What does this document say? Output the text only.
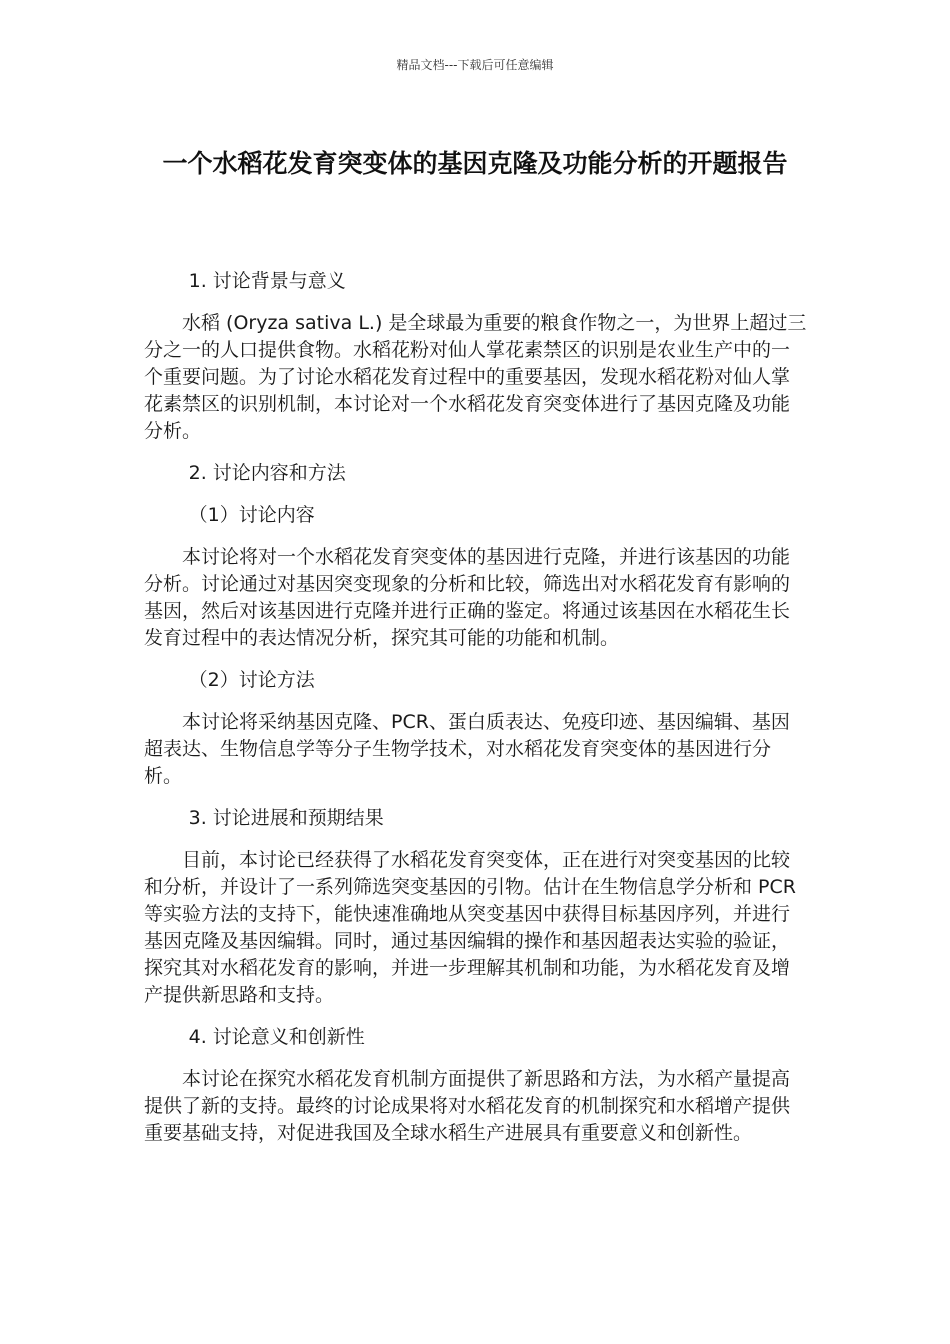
精品文档---下载后可任意编辑
一个水稻花发育突变体的基因克隆及功能分析的开题报告

1. 讨论背景与意义

水稻 (Oryza sativa L.) 是全球最为重要的粮食作物之一，为世界上超过三分之一的人口提供食物。水稻花粉对仙人掌花素禁区的识别是农业生产中的一个重要问题。为了讨论水稻花发育过程中的重要基因，发现水稻花粉对仙人掌花素禁区的识别机制，本讨论对一个水稻花发育突变体进行了基因克隆及功能分析。

2. 讨论内容和方法

（1）讨论内容

本讨论将对一个水稻花发育突变体的基因进行克隆，并进行该基因的功能分析。讨论通过对基因突变现象的分析和比较，筛选出对水稻花发育有影响的基因，然后对该基因进行克隆并进行正确的鉴定。将通过该基因在水稻花生长发育过程中的表达情况分析，探究其可能的功能和机制。

（2）讨论方法

本讨论将采纳基因克隆、PCR、蛋白质表达、免疫印迹、基因编辑、基因超表达、生物信息学等分子生物学技术，对水稻花发育突变体的基因进行分析。

3. 讨论进展和预期结果

目前，本讨论已经获得了水稻花发育突变体，正在进行对突变基因的比较和分析，并设计了一系列筛选突变基因的引物。估计在生物信息学分析和 PCR 等实验方法的支持下，能快速准确地从突变基因中获得目标基因序列，并进行基因克隆及基因编辑。同时，通过基因编辑的操作和基因超表达实验的验证，探究其对水稻花发育的影响，并进一步理解其机制和功能，为水稻花发育及增产提供新思路和支持。

4. 讨论意义和创新性

本讨论在探究水稻花发育机制方面提供了新思路和方法，为水稻产量提高提供了新的支持。最终的讨论成果将对水稻花发育的机制探究和水稻增产提供重要基础支持，对促进我国及全球水稻生产进展具有重要意义和创新性。
